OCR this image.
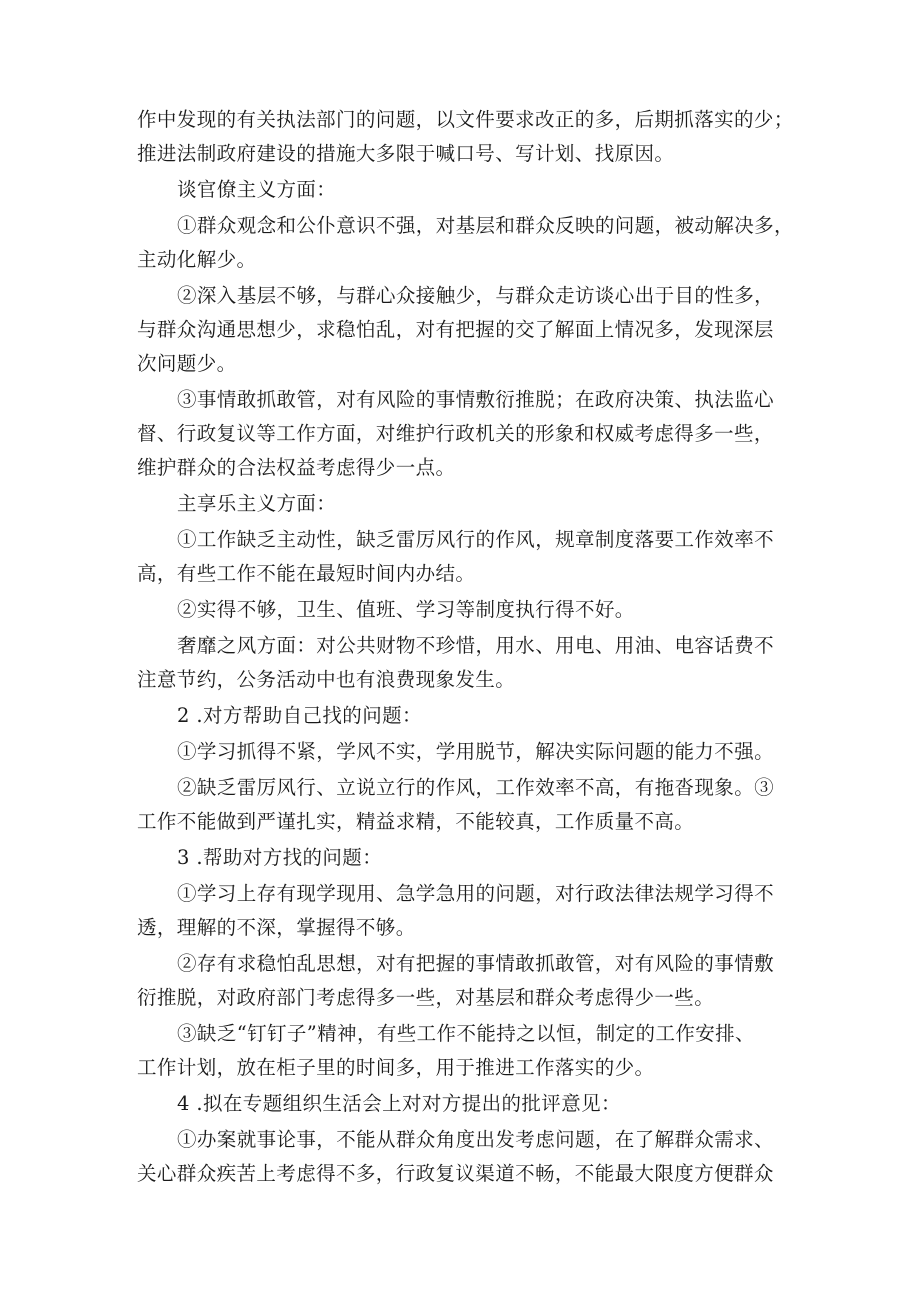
作中发现的有关执法部门的问题，以文件要求改正的多，后期抓落实的少；
推进法制政府建设的措施大多限于喊口号、写计划、找原因。
谈官僚主义方面：
①群众观念和公仆意识不强，对基层和群众反映的问题，被动解决多，
主动化解少。
②深入基层不够，与群心众接触少，与群众走访谈心出于目的性多，
与群众沟通思想少，求稳怕乱，对有把握的交了解面上情况多，发现深层
次问题少。
③事情敢抓敢管，对有风险的事情敷衍推脱；在政府决策、执法监心
督、行政复议等工作方面，对维护行政机关的形象和权威考虑得多一些，
维护群众的合法权益考虑得少一点。
主享乐主义方面：
①工作缺乏主动性，缺乏雷厉风行的作风，规章制度落要工作效率不
高，有些工作不能在最短时间内办结。
②实得不够，卫生、值班、学习等制度执行得不好。
奢靡之风方面：对公共财物不珍惜，用水、用电、用油、电容话费不
注意节约，公务活动中也有浪费现象发生。
2 .对方帮助自己找的问题：
①学习抓得不紧，学风不实，学用脱节，解决实际问题的能力不强。
②缺乏雷厉风行、立说立行的作风，工作效率不高，有拖沓现象。③
工作不能做到严谨扎实，精益求精，不能较真，工作质量不高。
3 .帮助对方找的问题：
①学习上存有现学现用、急学急用的问题，对行政法律法规学习得不
透，理解的不深，掌握得不够。
②存有求稳怕乱思想，对有把握的事情敢抓敢管，对有风险的事情敷
衍推脱，对政府部门考虑得多一些，对基层和群众考虑得少一些。
③缺乏“钉钉子”精神，有些工作不能持之以恒，制定的工作安排、
工作计划，放在柜子里的时间多，用于推进工作落实的少。
4 .拟在专题组织生活会上对对方提出的批评意见：
①办案就事论事，不能从群众角度出发考虑问题，在了解群众需求、
关心群众疾苦上考虑得不多，行政复议渠道不畅，不能最大限度方便群众
